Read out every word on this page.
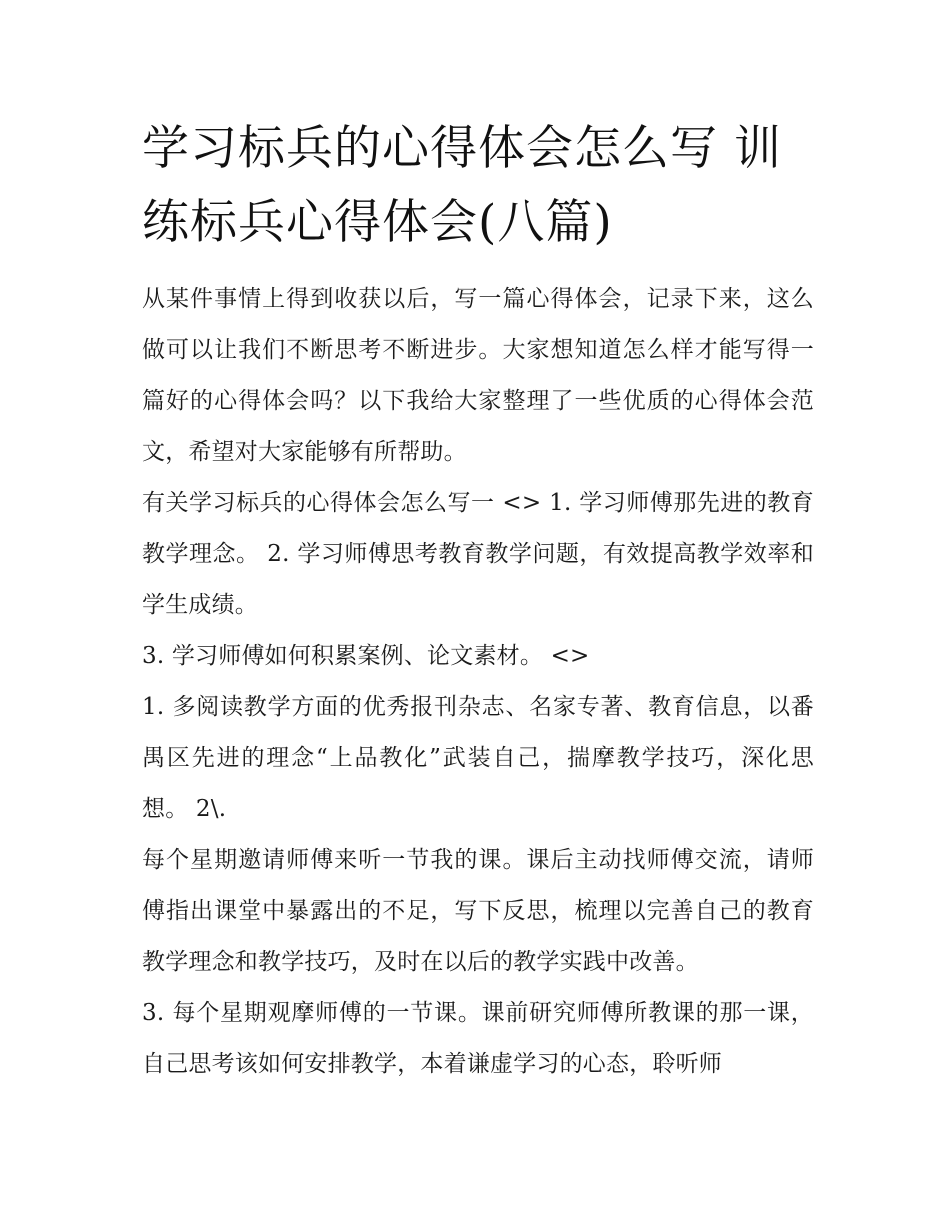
学习标兵的心得体会怎么写 训练标兵心得体会(八篇)

从某件事情上得到收获以后，写一篇心得体会，记录下来，这么做可以让我们不断思考不断进步。大家想知道怎么样才能写得一篇好的心得体会吗？以下我给大家整理了一些优质的心得体会范文，希望对大家能够有所帮助。

有关学习标兵的心得体会怎么写一 <> 1. 学习师傅那先进的教育教学理念。 2. 学习师傅思考教育教学问题，有效提高教学效率和学生成绩。

3. 学习师傅如何积累案例、论文素材。 <>

1. 多阅读教学方面的优秀报刊杂志、名家专著、教育信息，以番禺区先进的理念“上品教化”武装自己，揣摩教学技巧，深化思想。 2\.

每个星期邀请师傅来听一节我的课。课后主动找师傅交流，请师傅指出课堂中暴露出的不足，写下反思，梳理以完善自己的教育教学理念和教学技巧，及时在以后的教学实践中改善。

3. 每个星期观摩师傅的一节课。课前研究师傅所教课的那一课，自己思考该如何安排教学，本着谦虚学习的心态，聆听师
